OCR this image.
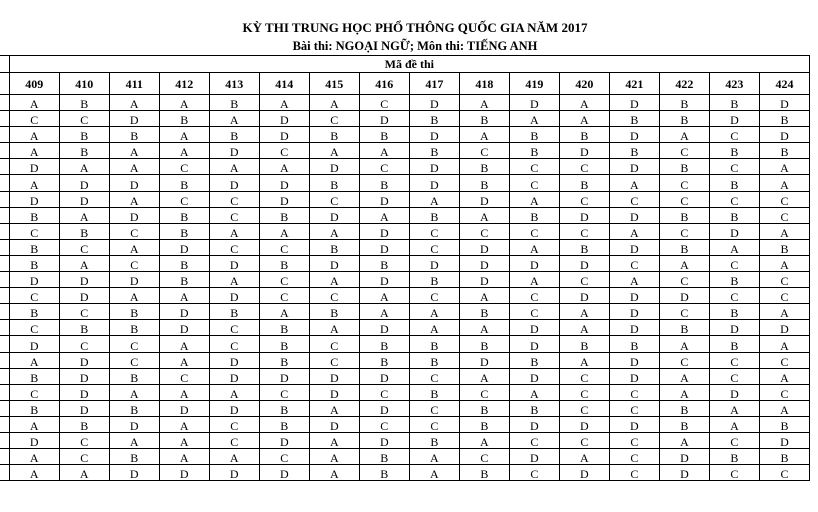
KỲ THI TRUNG HỌC PHỔ THÔNG QUỐC GIA NĂM 2017
Bài thi: NGOẠI NGỮ; Môn thi: TIẾNG ANH
	Mã đề thi															
	409	410	411	412	413	414	415	416	417	418	419	420	421	422	423	424
	A	B	A	A	B	A	A	C	D	A	D	A	D	B	B	D
	C	C	D	B	A	D	C	D	B	B	A	A	B	B	D	B
	A	B	B	A	B	D	B	B	D	A	B	B	D	A	C	D
	A	B	A	A	D	C	A	A	B	C	B	D	B	C	B	B
	D	A	A	C	A	A	D	C	D	B	C	C	D	B	C	A
	A	D	D	B	D	D	B	B	D	B	C	B	A	C	B	A
	D	D	A	C	C	D	C	D	A	D	A	C	C	C	C	C
	B	A	D	B	C	B	D	A	B	A	B	D	D	B	B	C
	C	B	C	B	A	A	A	D	C	C	C	C	A	C	D	A
	B	C	A	D	C	C	B	D	C	D	A	B	D	B	A	B
	B	A	C	B	D	B	D	B	D	D	D	D	C	A	C	A
	D	D	D	B	A	C	A	D	B	D	A	C	A	C	B	C
	C	D	A	A	D	C	C	A	C	A	C	D	D	D	C	C
	B	C	B	D	B	A	B	A	A	B	C	A	D	C	B	A
	C	B	B	D	C	B	A	D	A	A	D	A	D	B	D	D
	D	C	C	A	C	B	C	B	B	B	D	B	B	A	B	A
	A	D	C	A	D	B	C	B	B	D	B	A	D	C	C	C
	B	D	B	C	D	D	D	D	C	A	D	C	D	A	C	A
	C	D	A	A	A	C	D	C	B	C	A	C	C	A	D	C
	B	D	B	D	D	B	A	D	C	B	B	C	C	B	A	A
	A	B	D	A	C	B	D	C	C	B	D	D	D	B	A	B
	D	C	A	A	C	D	A	D	B	A	C	C	C	A	C	D
	A	C	B	A	A	C	A	B	A	C	D	A	C	D	B	B
	A	A	D	D	D	D	A	B	A	B	C	D	C	D	C	C
